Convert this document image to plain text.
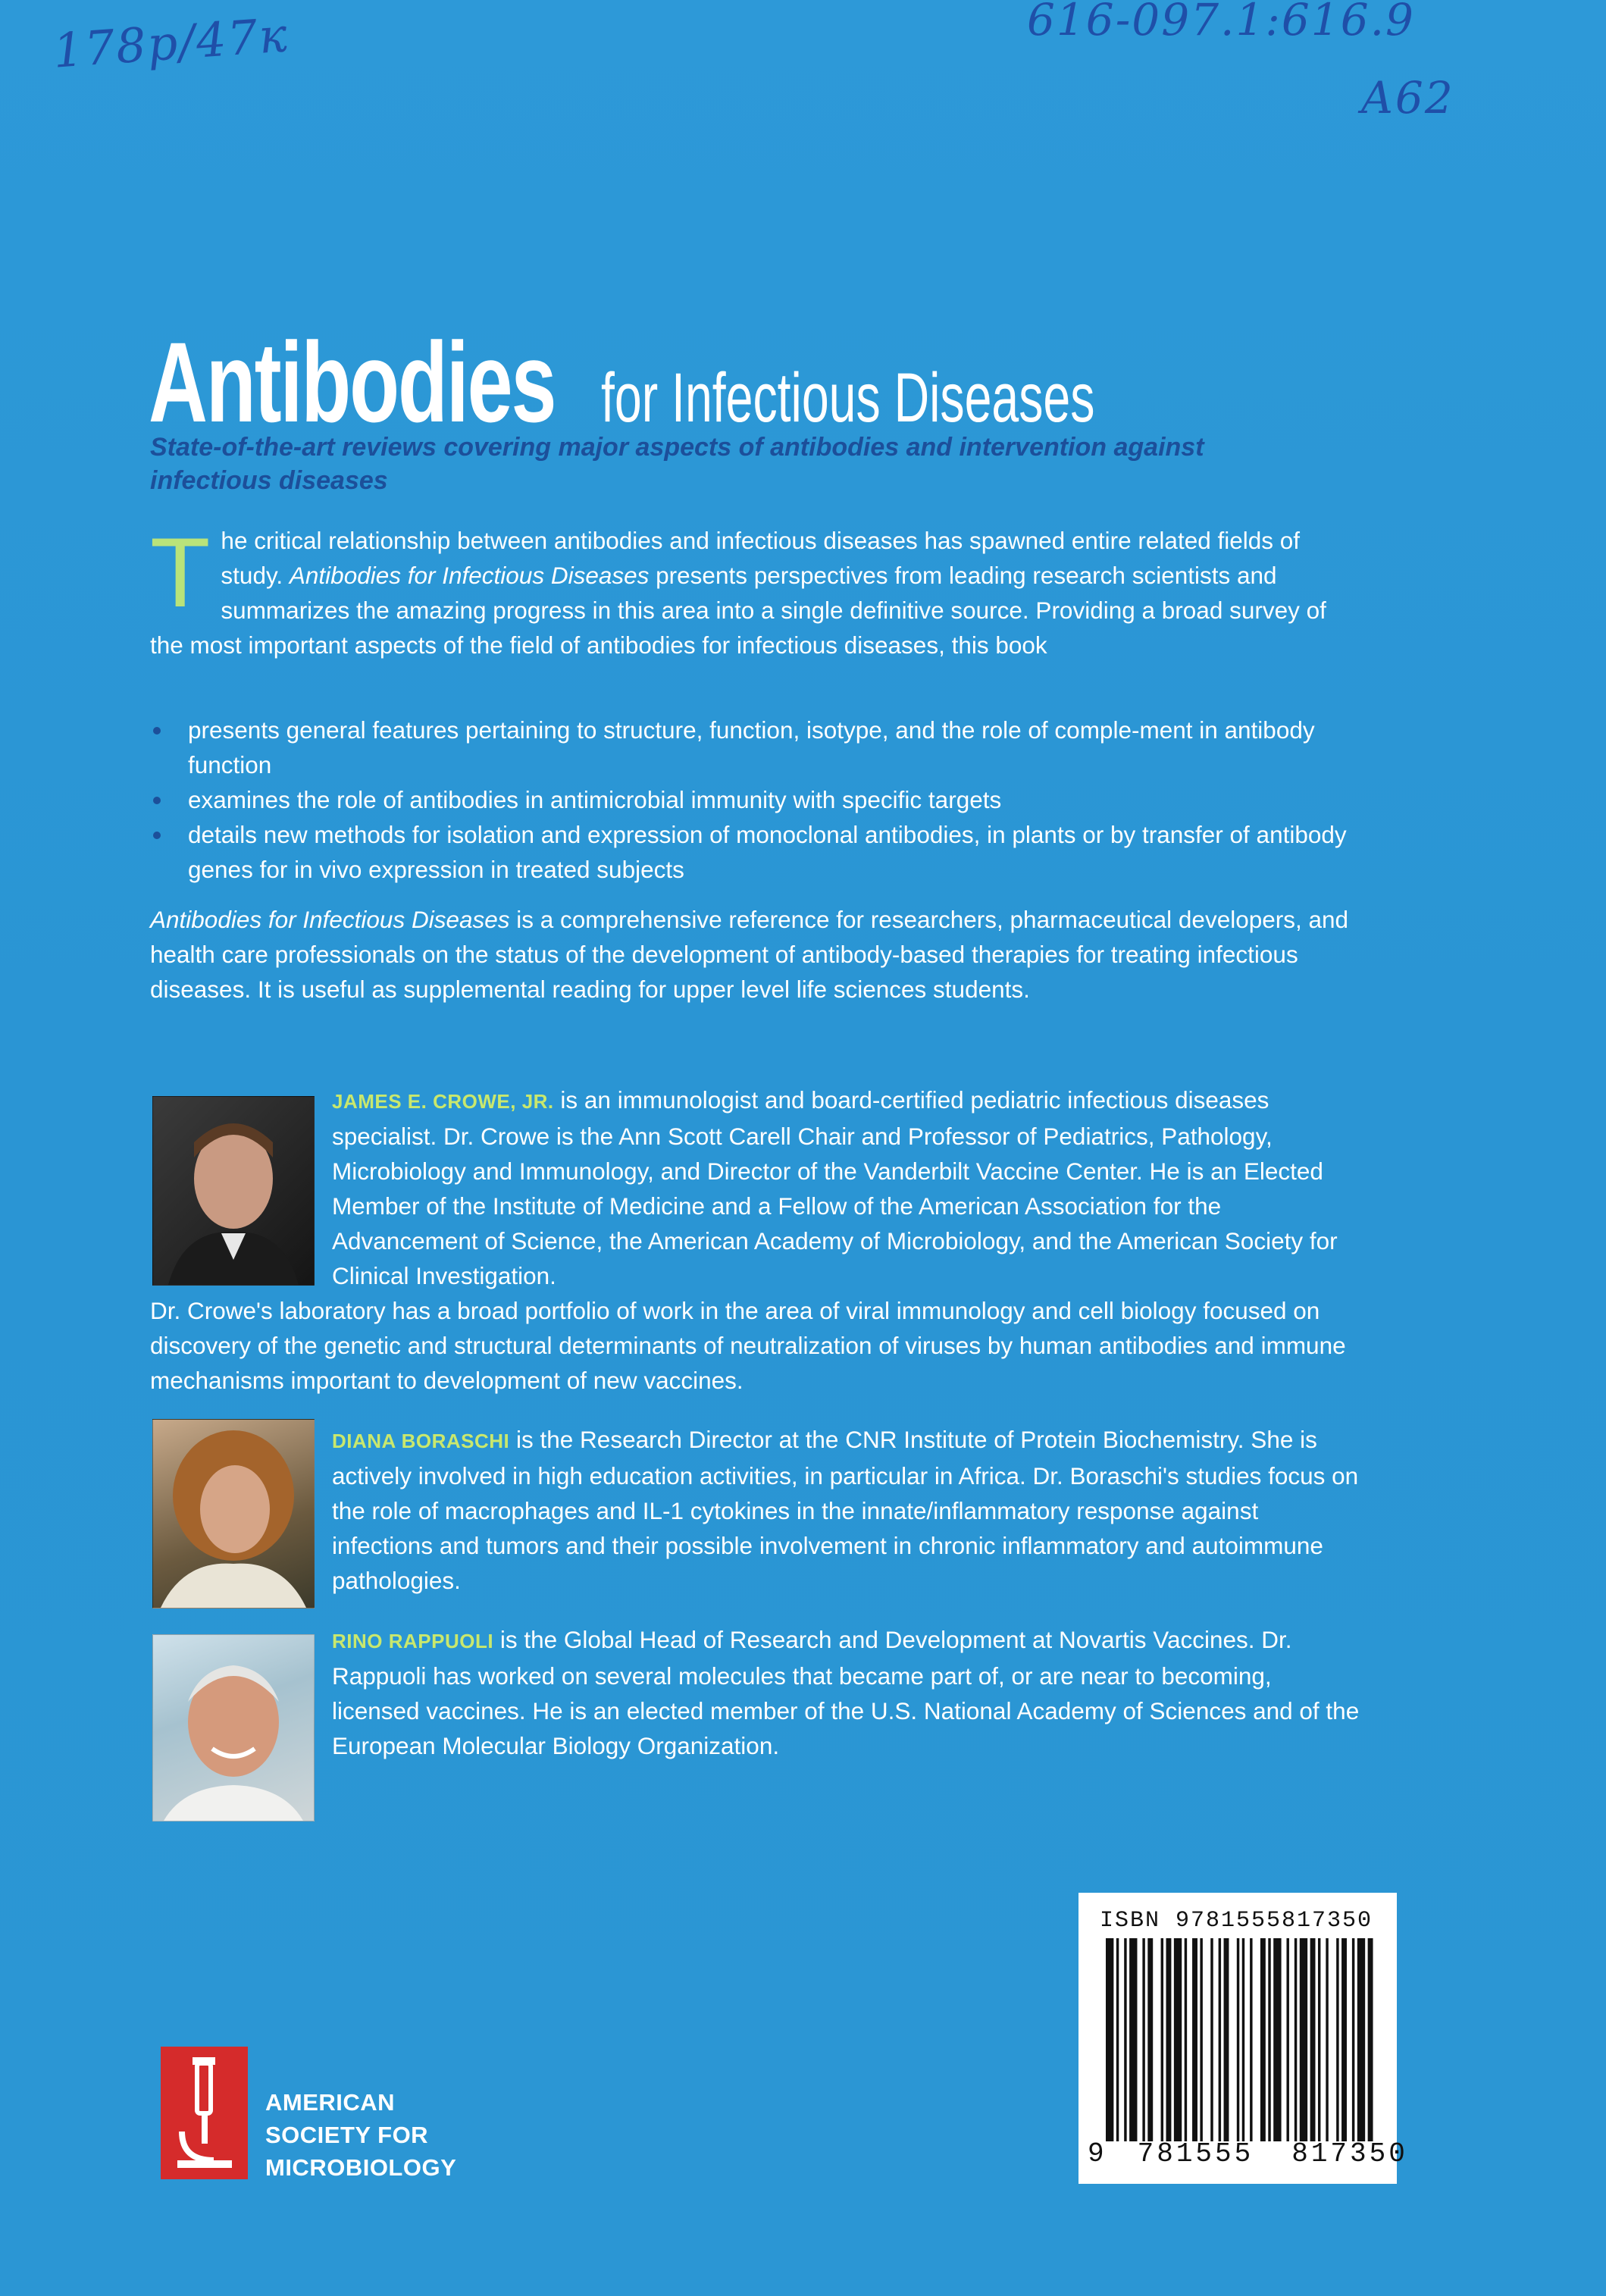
178р/47к	616-097.1:616.9
А62
Antibodies for Infectious Diseases
State-of-the-art reviews covering major aspects of antibodies and intervention against infectious diseases
The critical relationship between antibodies and infectious diseases has spawned entire related fields of study. Antibodies for Infectious Diseases presents perspectives from leading research scientists and summarizes the amazing progress in this area into a single definitive source. Providing a broad survey of the most important aspects of the field of antibodies for infectious diseases, this book
presents general features pertaining to structure, function, isotype, and the role of comple-ment in antibody function
examines the role of antibodies in antimicrobial immunity with specific targets
details new methods for isolation and expression of monoclonal antibodies, in plants or by transfer of antibody genes for in vivo expression in treated subjects
Antibodies for Infectious Diseases is a comprehensive reference for researchers, pharmaceutical developers, and health care professionals on the status of the development of antibody-based therapies for treating infectious diseases. It is useful as supplemental reading for upper level life sciences students.
JAMES E. CROWE, JR. is an immunologist and board-certified pediatric infectious diseases specialist. Dr. Crowe is the Ann Scott Carell Chair and Professor of Pediatrics, Pathology, Microbiology and Immunology, and Director of the Vanderbilt Vaccine Center. He is an Elected Member of the Institute of Medicine and a Fellow of the American Association for the Advancement of Science, the American Academy of Microbiology, and the American Society for Clinical Investigation.
Dr. Crowe's laboratory has a broad portfolio of work in the area of viral immunology and cell biology focused on discovery of the genetic and structural determinants of neutralization of viruses by human antibodies and immune mechanisms important to development of new vaccines.
DIANA BORASCHI is the Research Director at the CNR Institute of Protein Biochemistry. She is actively involved in high education activities, in particular in Africa. Dr. Boraschi's studies focus on the role of macrophages and IL-1 cytokines in the innate/inflammatory response against infections and tumors and their possible involvement in chronic inflammatory and autoimmune pathologies.
RINO RAPPUOLI is the Global Head of Research and Development at Novartis Vaccines. Dr. Rappuoli has worked on several molecules that became part of, or are near to becoming, licensed vaccines. He is an elected member of the U.S. National Academy of Sciences and of the European Molecular Biology Organization.
AMERICAN
SOCIETY FOR
MICROBIOLOGY
ISBN 9781555817350
9 781555 817350
